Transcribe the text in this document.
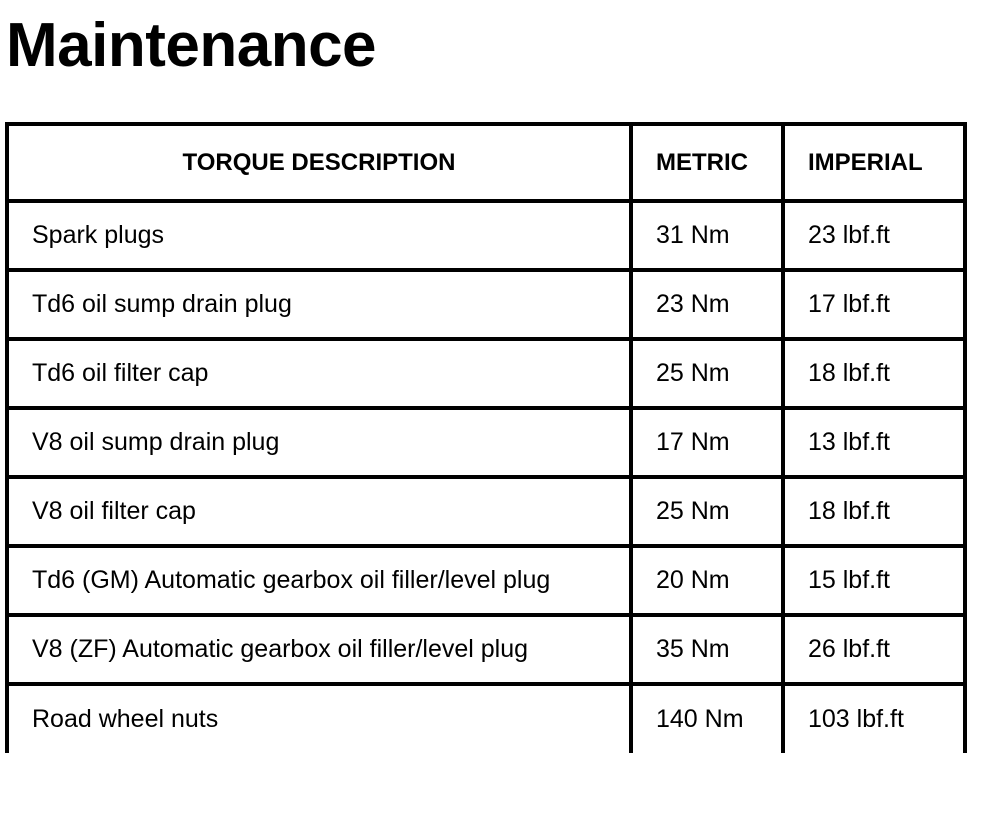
Maintenance
TORQUE DESCRIPTION	METRIC	IMPERIAL
Spark plugs	31 Nm	23 lbf.ft
Td6 oil sump drain plug	23 Nm	17 lbf.ft
Td6 oil filter cap	25 Nm	18 lbf.ft
V8 oil sump drain plug	17 Nm	13 lbf.ft
V8 oil filter cap	25 Nm	18 lbf.ft
Td6 (GM) Automatic gearbox oil filler/level plug	20 Nm	15 lbf.ft
V8 (ZF) Automatic gearbox oil filler/level plug	35 Nm	26 lbf.ft
Road wheel nuts	140 Nm	103 lbf.ft
